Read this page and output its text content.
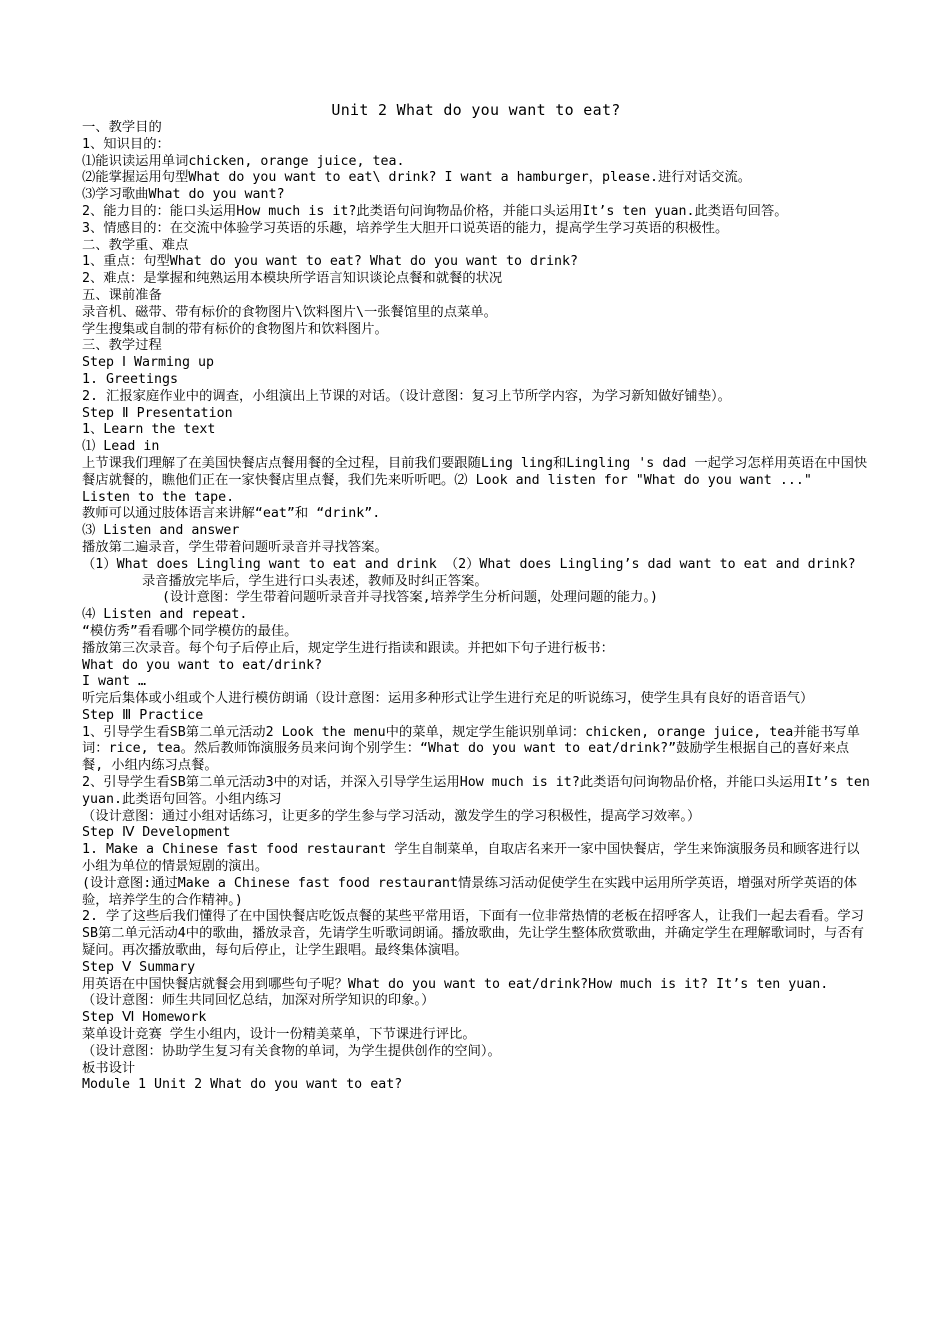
Unit 2 What do you want to eat?

一、教学目的

1、知识目的：

⑴能识读运用单词chicken, orange juice, tea.

⑵能掌握运用句型What do you want to eat\ drink? I want a hamburger，please.进行对话交流。

⑶学习歌曲What do you want?

2、能力目的：能口头运用How much is it?此类语句问询物品价格，并能口头运用It’s ten yuan.此类语句回答。

3、情感目的：在交流中体验学习英语的乐趣，培养学生大胆开口说英语的能力，提高学生学习英语的积极性。

二、教学重、难点

1、重点：句型What do you want to eat? What do you want to drink?

2、难点：是掌握和纯熟运用本模块所学语言知识谈论点餐和就餐的状况

五、课前准备

录音机、磁带、带有标价的食物图片\饮料图片\一张餐馆里的点菜单。

学生搜集或自制的带有标价的食物图片和饮料图片。

三、教学过程

Step Ⅰ Warming up

1. Greetings

2. 汇报家庭作业中的调查，小组演出上节课的对话。（设计意图：复习上节所学内容，为学习新知做好铺垫）。

Step Ⅱ Presentation

1、Learn the text

⑴ Lead in

上节课我们理解了在美国快餐店点餐用餐的全过程，目前我们要跟随Ling ling和Lingling 's dad 一起学习怎样用英语在中国快餐店就餐的，瞧他们正在一家快餐店里点餐，我们先来听听吧。⑵ Look and listen for "What do you want ..."

Listen to the tape.

教师可以通过肢体语言来讲解“eat”和 “drink”.

⑶ Listen and answer

播放第二遍录音，学生带着问题听录音并寻找答案。

（1）What does Lingling want to eat and drink （2）What does Lingling’s dad want to eat and drink?

录音播放完毕后，学生进行口头表述，教师及时纠正答案。

(设计意图：学生带着问题听录音并寻找答案,培养学生分析问题，处理问题的能力。)

⑷ Listen and repeat.

“模仿秀”看看哪个同学模仿的最佳。

播放第三次录音。每个句子后停止后，规定学生进行指读和跟读。并把如下句子进行板书：

What do you want to eat/drink?

I want …

听完后集体或小组或个人进行模仿朗诵（设计意图：运用多种形式让学生进行充足的听说练习，使学生具有良好的语音语气）

Step Ⅲ Practice

1、引导学生看SB第二单元活动2 Look the menu中的菜单，规定学生能识别单词：chicken, orange juice, tea并能书写单词：rice, tea。然后教师饰演服务员来问询个别学生：“What do you want to eat/drink?”鼓励学生根据自己的喜好来点餐, 小组内练习点餐。

2、引导学生看SB第二单元活动3中的对话，并深入引导学生运用How much is it?此类语句问询物品价格，并能口头运用It’s ten yuan.此类语句回答。小组内练习

（设计意图：通过小组对话练习，让更多的学生参与学习活动，激发学生的学习积极性，提高学习效率。）

Step Ⅳ Development

1. Make a Chinese fast food restaurant 学生自制菜单，自取店名来开一家中国快餐店，学生来饰演服务员和顾客进行以小组为单位的情景短剧的演出。

(设计意图:通过Make a Chinese fast food restaurant情景练习活动促使学生在实践中运用所学英语，增强对所学英语的体验，培养学生的合作精神。)

2. 学了这些后我们懂得了在中国快餐店吃饭点餐的某些平常用语，下面有一位非常热情的老板在招呼客人，让我们一起去看看。学习SB第二单元活动4中的歌曲，播放录音，先请学生听歌词朗诵。播放歌曲，先让学生整体欣赏歌曲，并确定学生在理解歌词时，与否有疑问。再次播放歌曲，每句后停止，让学生跟唱。最终集体演唱。

Step Ⅴ Summary

用英语在中国快餐店就餐会用到哪些句子呢？What do you want to eat/drink?How much is it? It’s ten yuan.

（设计意图：师生共同回忆总结，加深对所学知识的印象。）

Step Ⅵ Homework

菜单设计竞赛 学生小组内，设计一份精美菜单，下节课进行评比。

（设计意图：协助学生复习有关食物的单词，为学生提供创作的空间）。

板书设计

Module 1 Unit 2 What do you want to eat?
